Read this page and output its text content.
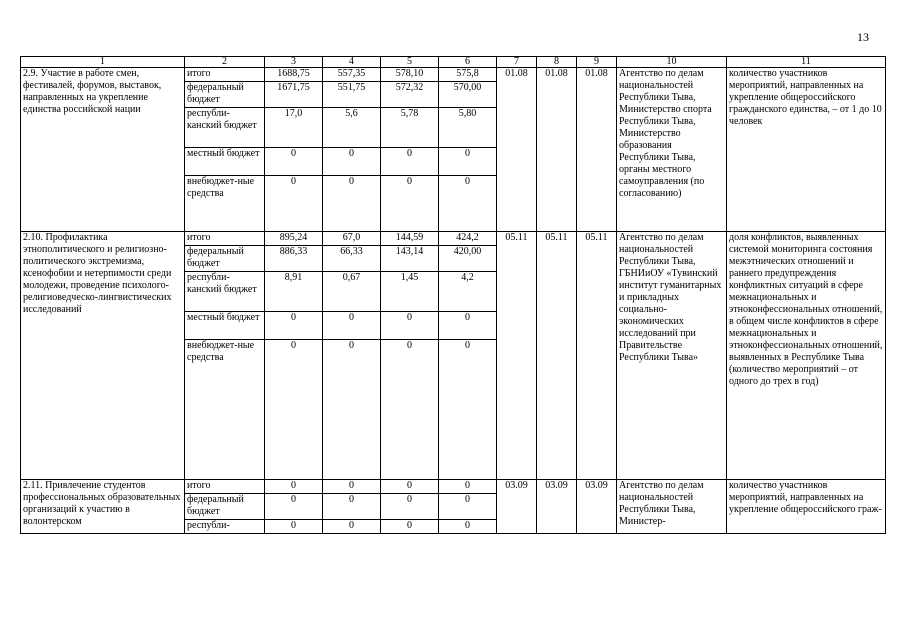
13
1	2	3	4	5	6	7	8	9	10	11
2.9. Участие в работе смен, фестивалей, форумов, выставок, направленных на укрепление единства российской нации	итого	1688,75	557,35	578,10	575,8	01.08	01.08	01.08	Агентство по делам национальностей Республики Тыва, Министерство спорта Республики Тыва, Министерство образования Республики Тыва, органы местного самоуправления (по согласованию)	количество участников мероприятий, направленных на укрепление общероссийского гражданского единства, – от 1 до 10 человек
	федеральный бюджет	1671,75	551,75	572,32	570,00					
	республи-канский бюджет	17,0	5,6	5,78	5,80					
	местный бюджет	0	0	0	0					
	внебюджет-ные средства	0	0	0	0					
2.10. Профилактика этнополитического и религиозно-политического экстремизма, ксенофобии и нетерпимости среди молодежи, проведение психолого-религиоведческо-лингвистических исследований	итого	895,24	67,0	144,59	424,2	05.11	05.11	05.11	Агентство по делам национальностей Республики Тыва, ГБНИиОУ «Тувинский институт гуманитарных и прикладных социально-экономических исследований при Правительстве Республики Тыва»	доля конфликтов, выявленных системой мониторинга состояния межэтнических отношений и раннего предупреждения конфликтных ситуаций в сфере межнациональных и этноконфессиональных отношений, в общем числе конфликтов в сфере межнациональных и этноконфессиональных отношений, выявленных в Республике Тыва (количество мероприятий – от одного до трех в год)
	федеральный бюджет	886,33	66,33	143,14	420,00					
	республи-канский бюджет	8,91	0,67	1,45	4,2					
	местный бюджет	0	0	0	0					
	внебюджет-ные средства	0	0	0	0					
2.11. Привлечение студентов профессиональных образовательных организаций к участию в волонтерском	итого	0	0	0	0	03.09	03.09	03.09	Агентство по делам национальностей Республики Тыва, Министер-	количество участников мероприятий, направленных на укрепление общероссийского граж-
	федеральный бюджет	0	0	0	0					
	республи-	0	0	0	0					
